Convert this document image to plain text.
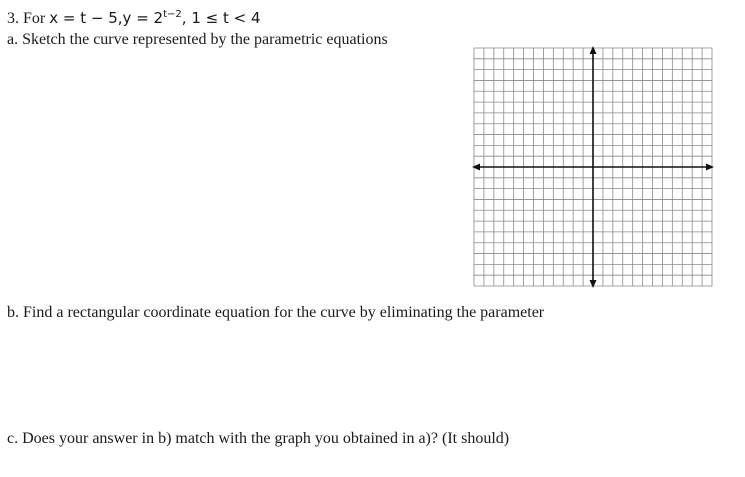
3. For $x = t - 5,y = 2^{t-2}$, 1 ≤ t < 4
a. Sketch the curve represented by the parametric equations
b. Find a rectangular coordinate equation for the curve by eliminating the parameter
c. Does your answer in b) match with the graph you obtained in a)? (It should)
